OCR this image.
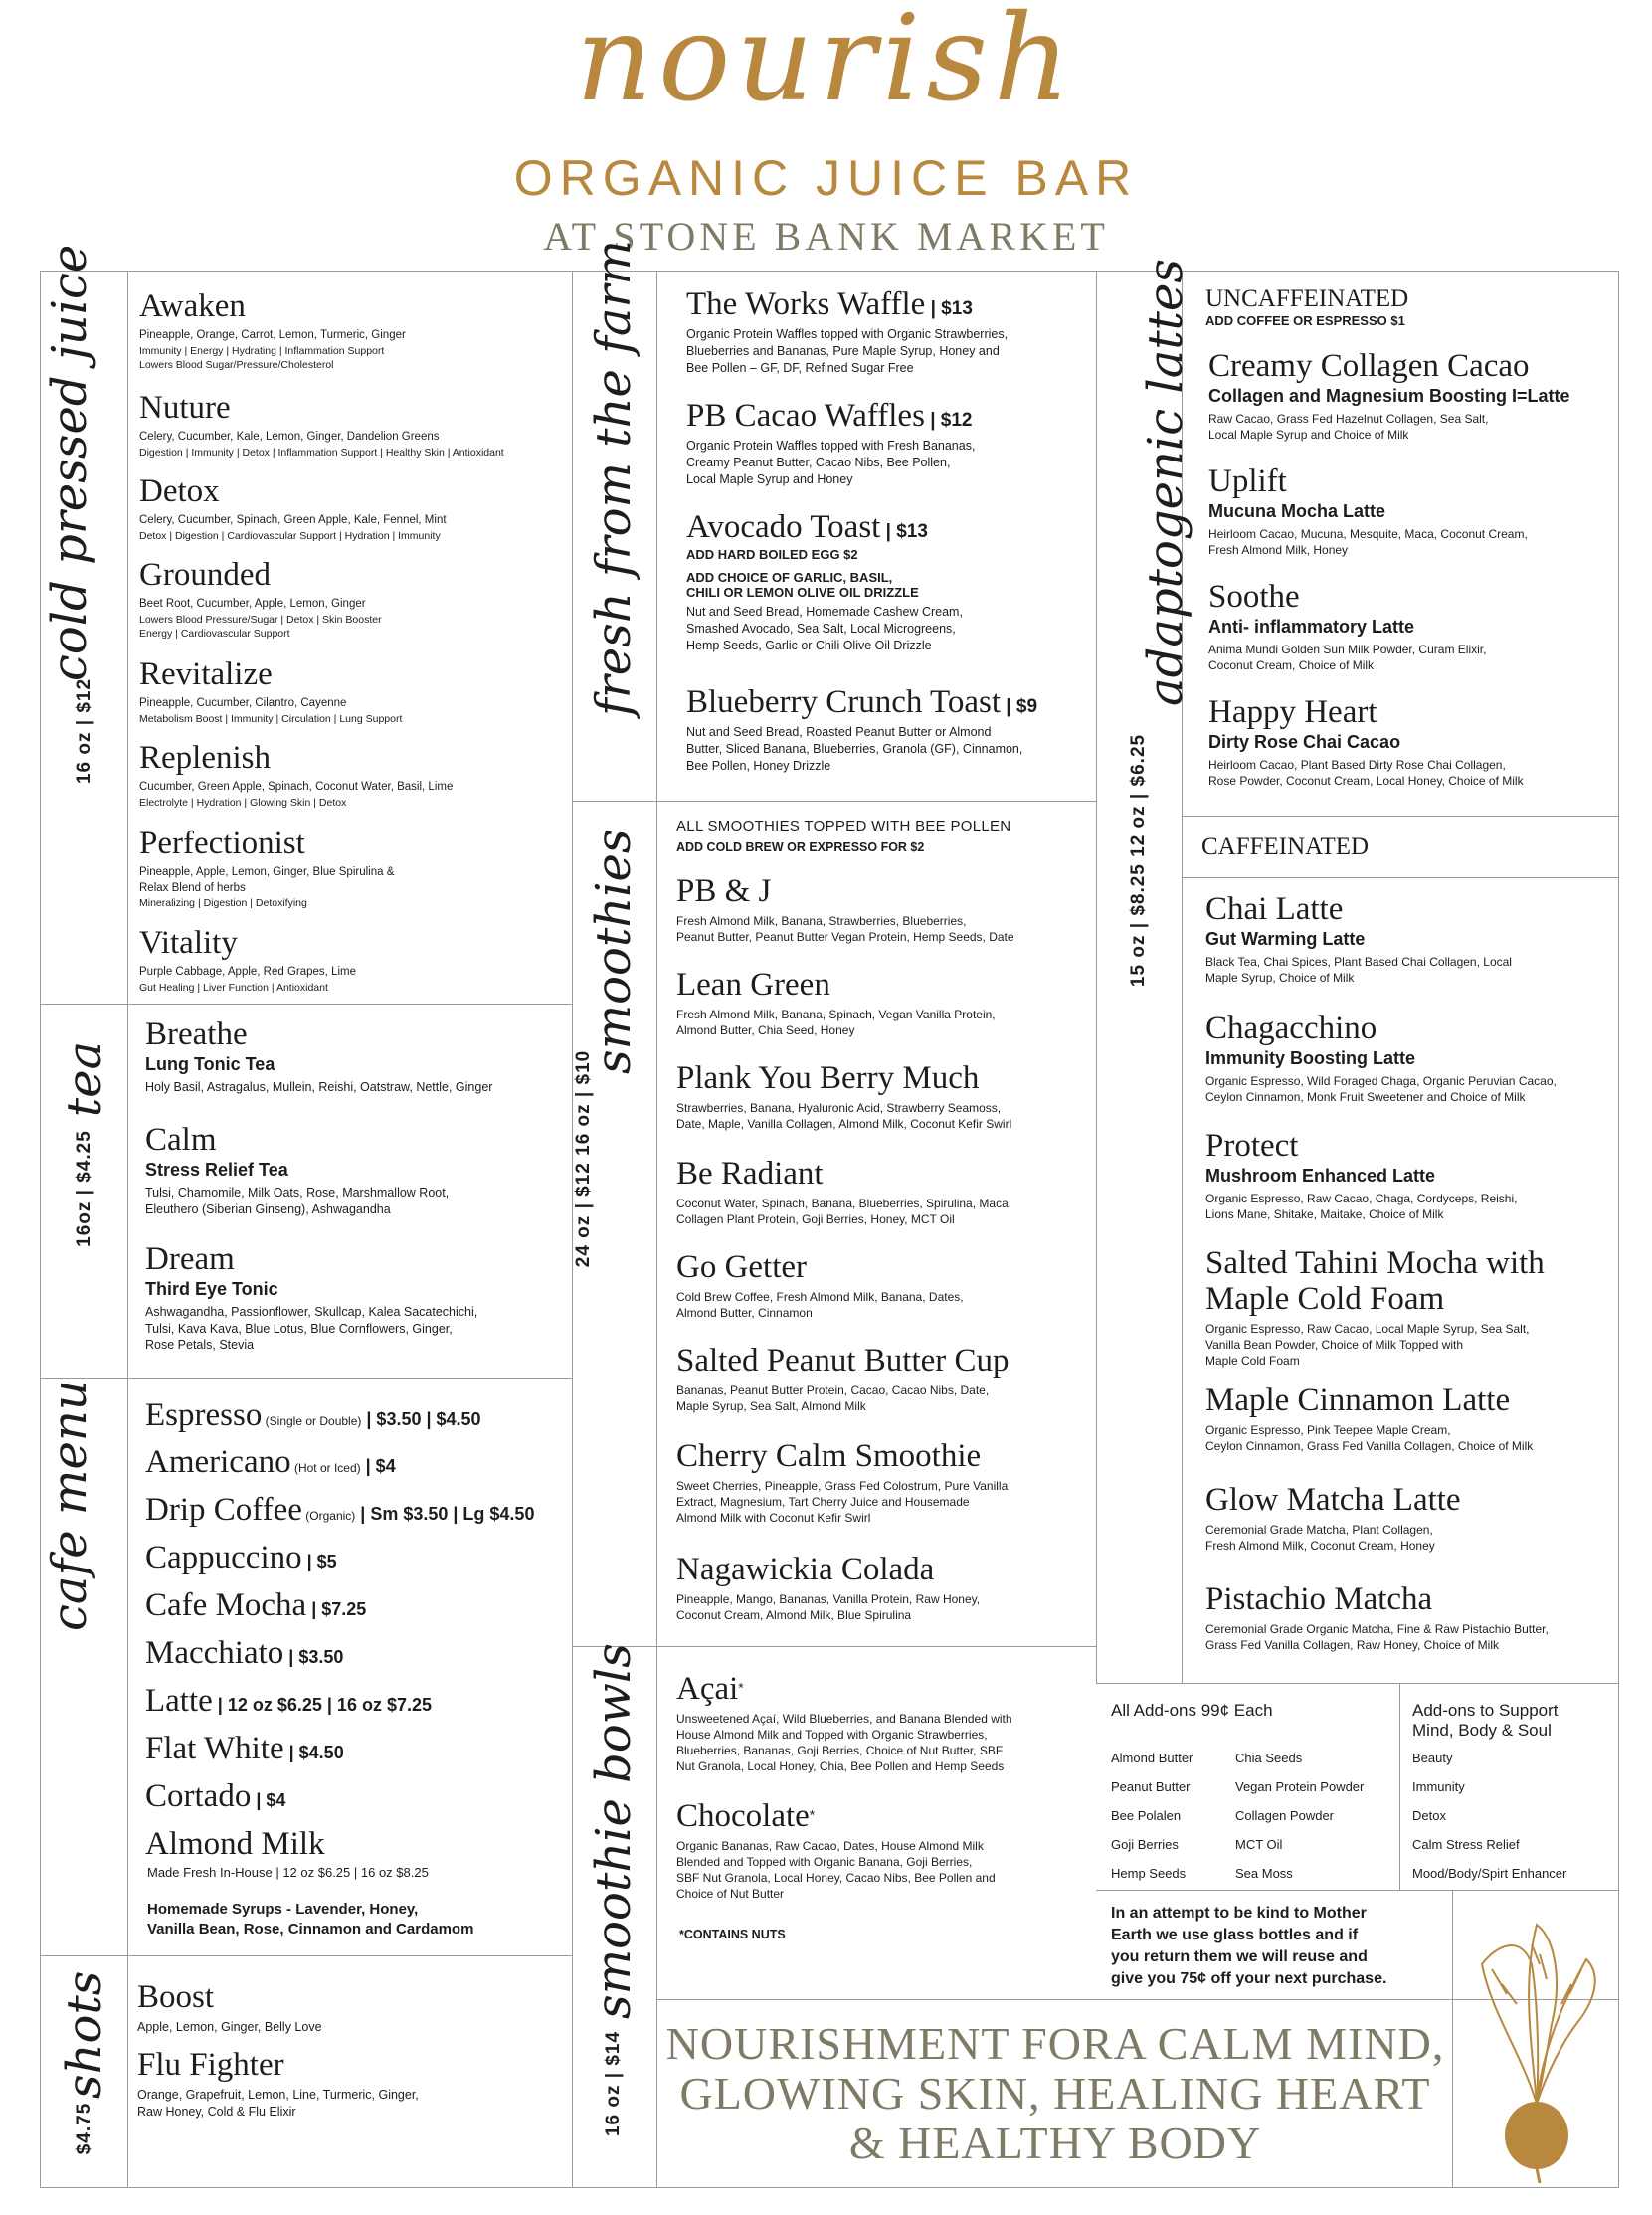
nourish
ORGANIC JUICE BAR
AT STONE BANK MARKET
cold pressed juice
16 oz | $12
tea
16oz | $4.25
cafe menu
shots
$4.75
fresh from the farm
smoothies
24 oz | $12 16 oz | $10
smoothie bowls
16 oz | $14
adaptogenic lattes
15 oz | $8.25 12 oz | $6.25
Awaken
Pineapple, Orange, Carrot, Lemon, Turmeric, Ginger
Immunity | Energy | Hydrating | Inflammation Support
Lowers Blood Sugar/Pressure/Cholesterol
Nuture
Celery, Cucumber, Kale, Lemon, Ginger, Dandelion Greens
Digestion | Immunity | Detox | Inflammation Support | Healthy Skin | Antioxidant
Detox
Celery, Cucumber, Spinach, Green Apple, Kale, Fennel, Mint
Detox | Digestion | Cardiovascular Support | Hydration | Immunity
Grounded
Beet Root, Cucumber, Apple, Lemon, Ginger
Lowers Blood Pressure/Sugar | Detox | Skin Booster
Energy | Cardiovascular Support
Revitalize
Pineapple, Cucumber, Cilantro, Cayenne
Metabolism Boost | Immunity | Circulation | Lung Support
Replenish
Cucumber, Green Apple, Spinach, Coconut Water, Basil, Lime
Electrolyte | Hydration | Glowing Skin | Detox
Perfectionist
Pineapple, Apple, Lemon, Ginger, Blue Spirulina &
Relax Blend of herbs
Mineralizing | Digestion | Detoxifying
Vitality
Purple Cabbage, Apple, Red Grapes, Lime
Gut Healing | Liver Function | Antioxidant
Breathe
Lung Tonic Tea
Holy Basil, Astragalus, Mullein, Reishi, Oatstraw, Nettle, Ginger
Calm
Stress Relief Tea
Tulsi, Chamomile, Milk Oats, Rose, Marshmallow Root,
Eleuthero (Siberian Ginseng), Ashwagandha
Dream
Third Eye Tonic
Ashwagandha, Passionflower, Skullcap, Kalea Sacatechichi,
Tulsi, Kava Kava, Blue Lotus, Blue Cornflowers, Ginger,
Rose Petals, Stevia
Espresso (Single or Double) | $3.50 | $4.50
Americano (Hot or Iced) | $4
Drip Coffee (Organic) | Sm $3.50 | Lg $4.50
Cappuccino | $5
Cafe Mocha | $7.25
Macchiato | $3.50
Latte | 12 oz $6.25 | 16 oz $7.25
Flat White | $4.50
Cortado | $4
Almond Milk
Made Fresh In-House | 12 oz $6.25 | 16 oz $8.25
Homemade Syrups - Lavender, Honey,
Vanilla Bean, Rose, Cinnamon and Cardamom
Boost
Apple, Lemon, Ginger, Belly Love
Flu Fighter
Orange, Grapefruit, Lemon, Line, Turmeric, Ginger,
Raw Honey, Cold & Flu Elixir
The Works Waffle | $13
Organic Protein Waffles topped with Organic Strawberries,
Blueberries and Bananas, Pure Maple Syrup, Honey and
Bee Pollen – GF, DF, Refined Sugar Free
PB Cacao Waffles | $12
Organic Protein Waffles topped with Fresh Bananas,
Creamy Peanut Butter, Cacao Nibs, Bee Pollen,
Local Maple Syrup and Honey
Avocado Toast | $13
ADD HARD BOILED EGG $2
ADD CHOICE OF GARLIC, BASIL,
CHILI OR LEMON OLIVE OIL DRIZZLE
Nut and Seed Bread, Homemade Cashew Cream,
Smashed Avocado, Sea Salt, Local Microgreens,
Hemp Seeds, Garlic or Chili Olive Oil Drizzle
Blueberry Crunch Toast | $9
Nut and Seed Bread, Roasted Peanut Butter or Almond
Butter, Sliced Banana, Blueberries, Granola (GF), Cinnamon,
Bee Pollen, Honey Drizzle
ALL SMOOTHIES TOPPED WITH BEE POLLEN
ADD COLD BREW OR EXPRESSO FOR $2
PB & J
Fresh Almond Milk, Banana, Strawberries, Blueberries,
Peanut Butter, Peanut Butter Vegan Protein, Hemp Seeds, Date
Lean Green
Fresh Almond Milk, Banana, Spinach, Vegan Vanilla Protein,
Almond Butter, Chia Seed, Honey
Plank You Berry Much
Strawberries, Banana, Hyaluronic Acid, Strawberry Seamoss,
Date, Maple, Vanilla Collagen, Almond Milk, Coconut Kefir Swirl
Be Radiant
Coconut Water, Spinach, Banana, Blueberries, Spirulina, Maca,
Collagen Plant Protein, Goji Berries, Honey, MCT Oil
Go Getter
Cold Brew Coffee, Fresh Almond Milk, Banana, Dates,
Almond Butter, Cinnamon
Salted Peanut Butter Cup
Bananas, Peanut Butter Protein, Cacao, Cacao Nibs, Date,
Maple Syrup, Sea Salt, Almond Milk
Cherry Calm Smoothie
Sweet Cherries, Pineapple, Grass Fed Colostrum, Pure Vanilla
Extract, Magnesium, Tart Cherry Juice and Housemade
Almond Milk with Coconut Kefir Swirl
Nagawickia Colada
Pineapple, Mango, Bananas, Vanilla Protein, Raw Honey,
Coconut Cream, Almond Milk, Blue Spirulina
Açai*
Unsweetened Açaí, Wild Blueberries, and Banana Blended with
House Almond Milk and Topped with Organic Strawberries,
Blueberries, Bananas, Goji Berries, Choice of Nut Butter, SBF
Nut Granola, Local Honey, Chia, Bee Pollen and Hemp Seeds
Chocolate*
Organic Bananas, Raw Cacao, Dates, House Almond Milk
Blended and Topped with Organic Banana, Goji Berries,
SBF Nut Granola, Local Honey, Cacao Nibs, Bee Pollen and
Choice of Nut Butter
*CONTAINS NUTS
UNCAFFEINATED
ADD COFFEE OR ESPRESSO $1
Creamy Collagen Cacao
Collagen and Magnesium Boosting I=Latte
Raw Cacao, Grass Fed Hazelnut Collagen, Sea Salt,
Local Maple Syrup and Choice of Milk
Uplift
Mucuna Mocha Latte
Heirloom Cacao, Mucuna, Mesquite, Maca, Coconut Cream,
Fresh Almond Milk, Honey
Soothe
Anti- inflammatory Latte
Anima Mundi Golden Sun Milk Powder, Curam Elixir,
Coconut Cream, Choice of Milk
Happy Heart
Dirty Rose Chai Cacao
Heirloom Cacao, Plant Based Dirty Rose Chai Collagen,
Rose Powder, Coconut Cream, Local Honey, Choice of Milk
CAFFEINATED
Chai Latte
Gut Warming Latte
Black Tea, Chai Spices, Plant Based Chai Collagen, Local
Maple Syrup, Choice of Milk
Chagacchino
Immunity Boosting Latte
Organic Espresso, Wild Foraged Chaga, Organic Peruvian Cacao,
Ceylon Cinnamon, Monk Fruit Sweetener and Choice of Milk
Protect
Mushroom Enhanced Latte
Organic Espresso, Raw Cacao, Chaga, Cordyceps, Reishi,
Lions Mane, Shitake, Maitake, Choice of Milk
Salted Tahini Mocha with
Maple Cold Foam
Organic Espresso, Raw Cacao, Local Maple Syrup, Sea Salt,
Vanilla Bean Powder, Choice of Milk Topped with
Maple Cold Foam
Maple Cinnamon Latte
Organic Espresso, Pink Teepee Maple Cream,
Ceylon Cinnamon, Grass Fed Vanilla Collagen, Choice of Milk
Glow Matcha Latte
Ceremonial Grade Matcha, Plant Collagen,
Fresh Almond Milk, Coconut Cream, Honey
Pistachio Matcha
Ceremonial Grade Organic Matcha, Fine & Raw Pistachio Butter,
Grass Fed Vanilla Collagen, Raw Honey, Choice of Milk
All Add-ons 99¢ Each
Almond Butter
Peanut Butter
Bee Polalen
Goji Berries
Hemp Seeds
Chia Seeds
Vegan Protein Powder
Collagen Powder
MCT Oil
Sea Moss
Add-ons to Support
Mind, Body & Soul
Beauty
Immunity
Detox
Calm Stress Relief
Mood/Body/Spirt Enhancer
In an attempt to be kind to Mother
Earth we use glass bottles and if
you return them we will reuse and
give you 75¢ off your next purchase.
NOURISHMENT FORA CALM MIND,
GLOWING SKIN, HEALING HEART
& HEALTHY BODY
